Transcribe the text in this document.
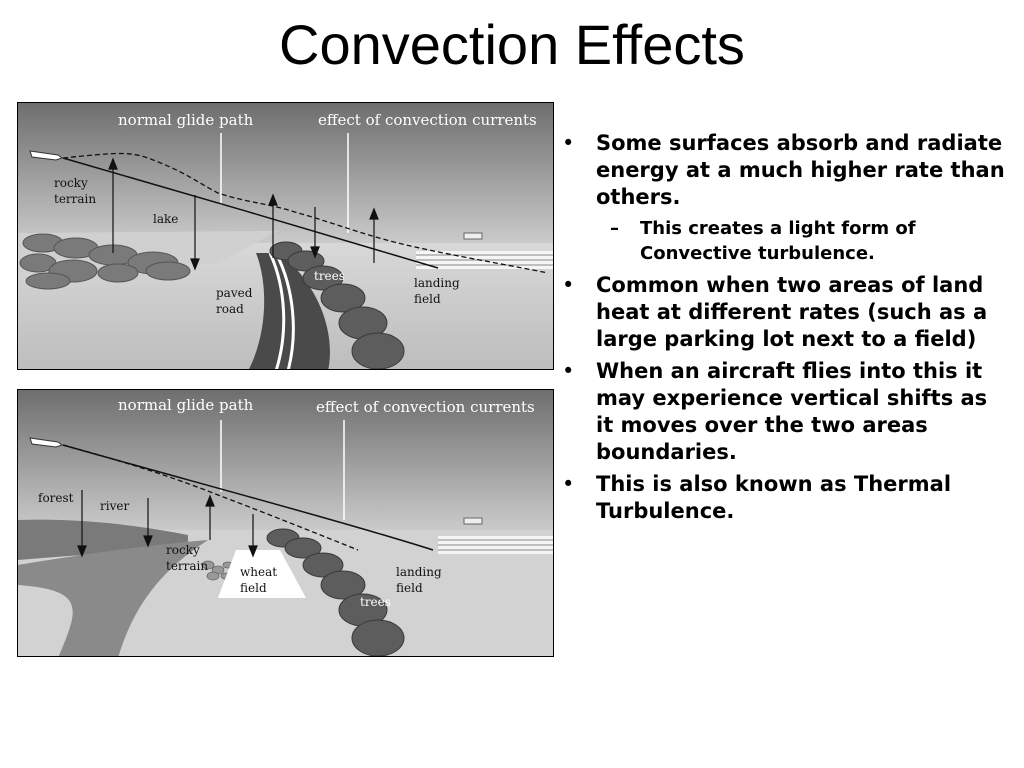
Convection Effects
normal glide path	effect of convection currents
rocky
terrain
lake
paved
road
trees	landing
field
normal glide path	effect of convection currents
forest
river
rocky
terrain	wheat
field
landing
field
trees
• Some surfaces absorb and radiate energy at a much higher rate than others.
– This creates a light form of Convective turbulence.
• Common when two areas of land heat at different rates (such as a large parking lot next to a field)
• When an aircraft flies into this it may experience vertical shifts as it moves over the two areas boundaries.
• This is also known as Thermal Turbulence.
